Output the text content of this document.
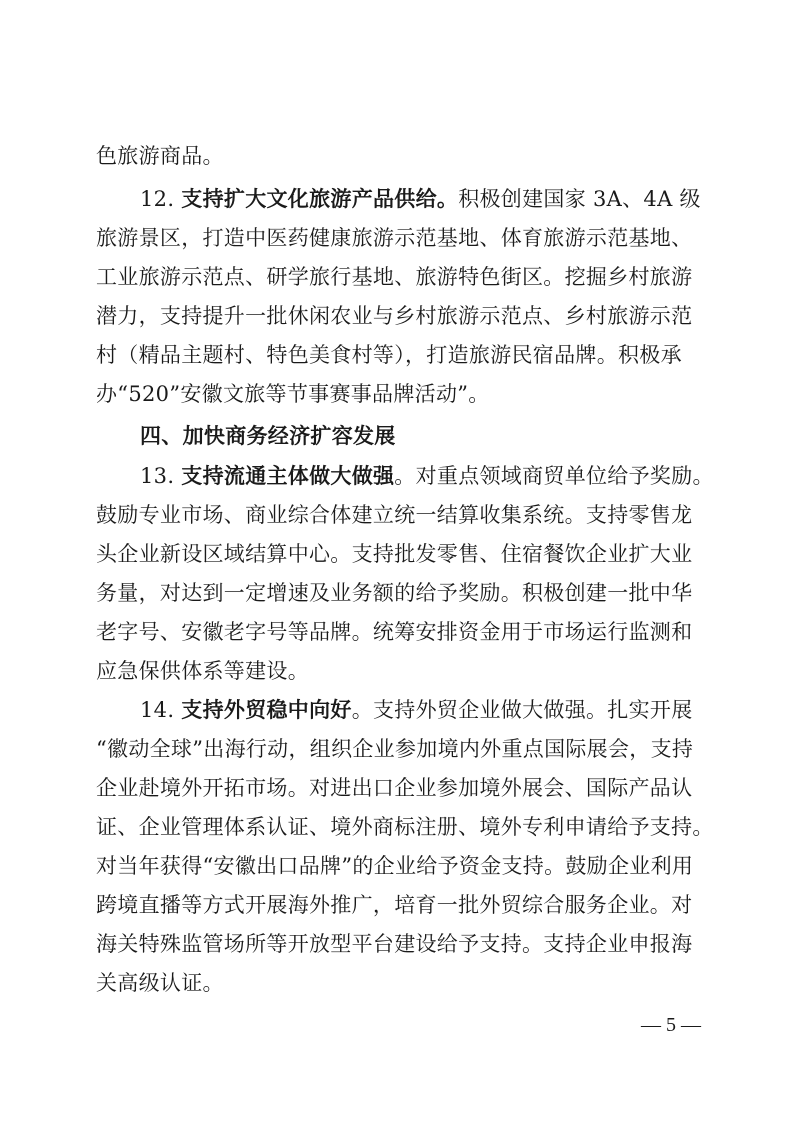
色旅游商品。
12. 支持扩大文化旅游产品供给。积极创建国家 3A、4A 级
旅游景区，打造中医药健康旅游示范基地、体育旅游示范基地、
工业旅游示范点、研学旅行基地、旅游特色街区。挖掘乡村旅游
潜力，支持提升一批休闲农业与乡村旅游示范点、乡村旅游示范
村（精品主题村、特色美食村等），打造旅游民宿品牌。积极承
办“520”安徽文旅等节事赛事品牌活动”。
四、加快商务经济扩容发展
13. 支持流通主体做大做强。对重点领域商贸单位给予奖励。
鼓励专业市场、商业综合体建立统一结算收集系统。支持零售龙
头企业新设区域结算中心。支持批发零售、住宿餐饮企业扩大业
务量，对达到一定增速及业务额的给予奖励。积极创建一批中华
老字号、安徽老字号等品牌。统筹安排资金用于市场运行监测和
应急保供体系等建设。
14. 支持外贸稳中向好。支持外贸企业做大做强。扎实开展
“徽动全球”出海行动，组织企业参加境内外重点国际展会，支持
企业赴境外开拓市场。对进出口企业参加境外展会、国际产品认
证、企业管理体系认证、境外商标注册、境外专利申请给予支持。
对当年获得“安徽出口品牌”的企业给予资金支持。鼓励企业利用
跨境直播等方式开展海外推广，培育一批外贸综合服务企业。对
海关特殊监管场所等开放型平台建设给予支持。支持企业申报海
关高级认证。
— 5 —
